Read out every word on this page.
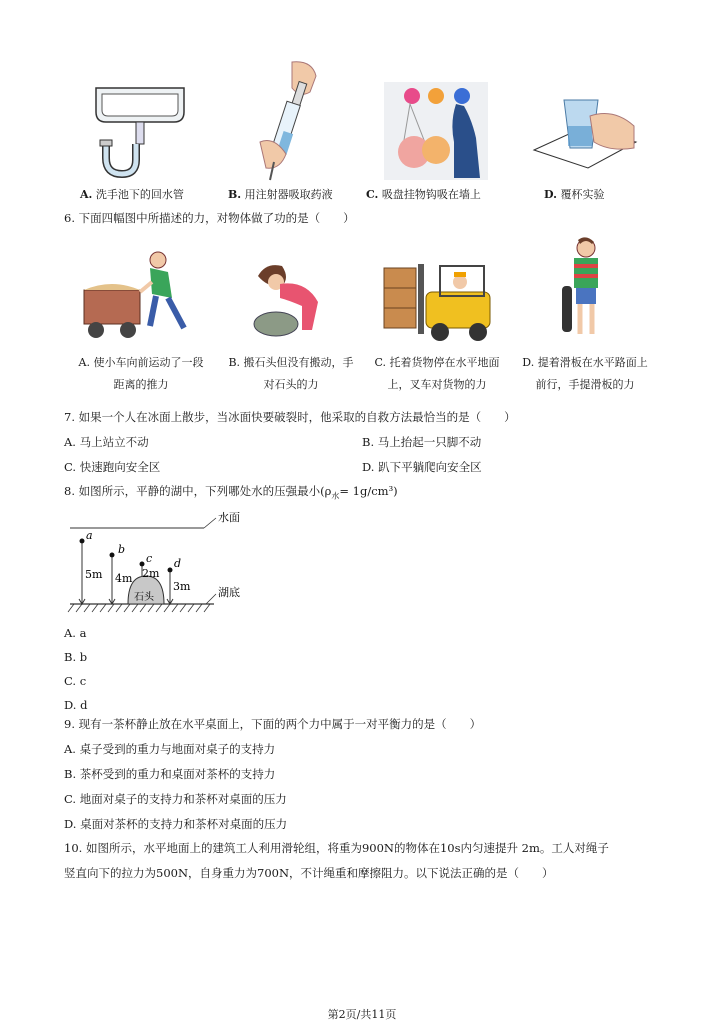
A. 洗手池下的回水管	B. 用注射器吸取药液	C. 吸盘挂物钩吸在墙上	D. 覆杯实验
6. 下面四幅图中所描述的力，对物体做了功的是（　　）
A. 使小车向前运动了一段
距离的推力
B. 搬石头但没有搬动，手
对石头的力
C. 托着货物停在水平地面
上，叉车对货物的力
D. 提着滑板在水平路面上
前行，手提滑板的力
7. 如果一个人在冰面上散步，当冰面快要破裂时，他采取的自救方法最恰当的是（　　）
A. 马上站立不动	B. 马上抬起一只脚不动
C. 快速跑向安全区	D. 趴下平躺爬向安全区
8. 如图所示，平静的湖中，下列哪处水的压强最小$(\rho_水= 1g/cm^3)$
水面
湖底
石头
a
5m
b
4m
c
2m
d
3m
A. a
B. b
C. c
D. d
9. 现有一茶杯静止放在水平桌面上，下面的两个力中属于一对平衡力的是（　　）
A. 桌子受到的重力与地面对桌子的支持力
B. 茶杯受到的重力和桌面对茶杯的支持力
C. 地面对桌子的支持力和茶杯对桌面的压力
D. 桌面对茶杯的支持力和茶杯对桌面的压力
10. 如图所示，水平地面上的建筑工人利用滑轮组，将重为900N的物体在10s内匀速提升 2m。工人对绳子
竖直向下的拉力为500N，自身重力为700N，不计绳重和摩擦阻力。以下说法正确的是（　　）
第2页/共11页
